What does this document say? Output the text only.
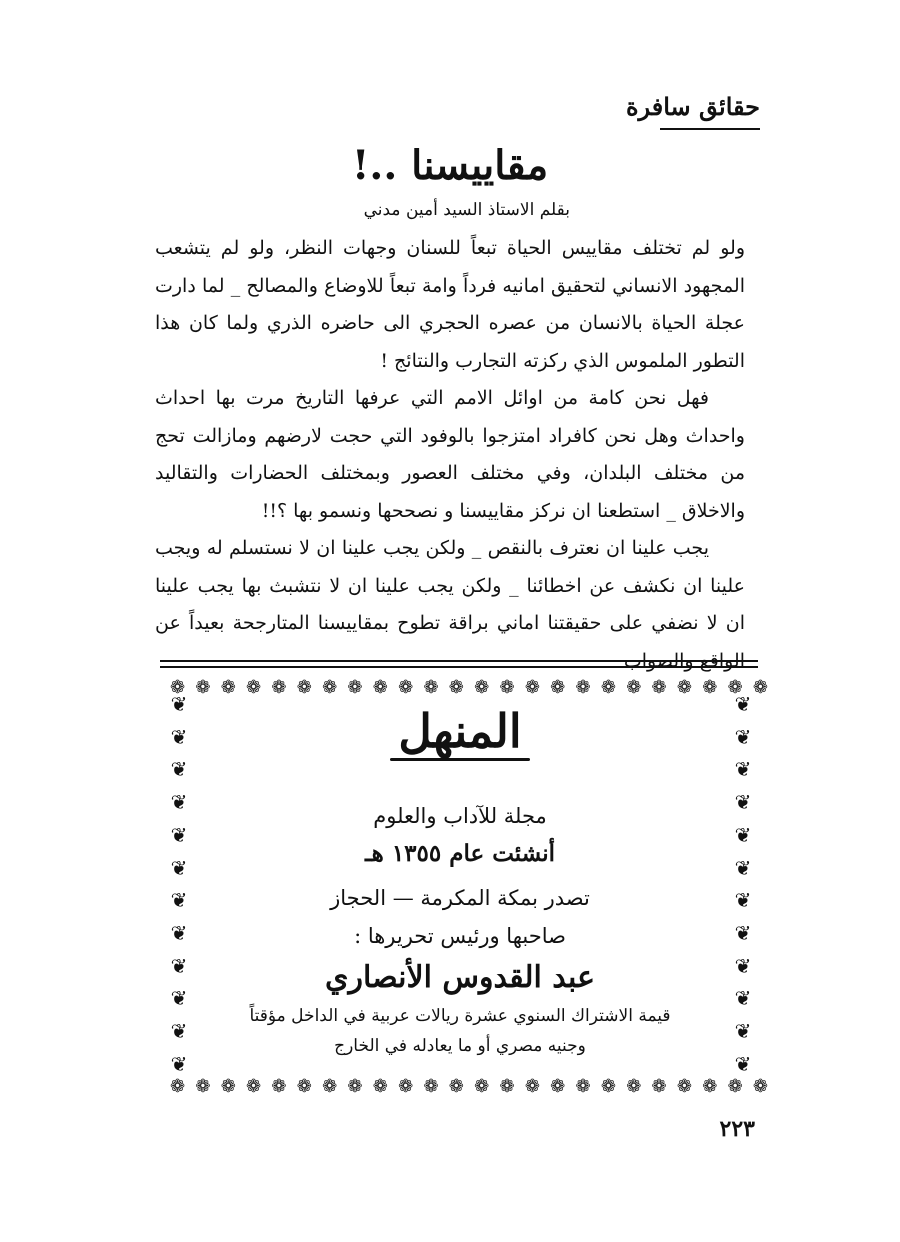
حقائق سافرة
مقاييسنا ..!
بقلم الاستاذ السيد أمين مدني

ولو لم تختلف مقاييس الحياة تبعاً للسنان وجهات النظر، ولو لم يتشعب المجهود الانساني لتحقيق امانيه فرداً وامة تبعاً للاوضاع والمصالح _ لما دارت عجلة الحياة بالانسان من عصره الحجري الى حاضره الذري ولما كان هذا التطور الملموس الذي ركزته التجارب والنتائج !

فهل نحن كامة من اوائل الامم التي عرفها التاريخ مرت بها احداث واحداث وهل نحن كافراد امتزجوا بالوفود التي حجت لارضهم ومازالت تحج من مختلف البلدان، وفي مختلف العصور وبمختلف الحضارات والتقاليد والاخلاق _ استطعنا ان نركز مقاييسنا و نصححها ونسمو بها ؟!!

يجب علينا ان نعترف بالنقص _ ولكن يجب علينا ان لا نستسلم له ويجب علينا ان نكشف عن اخطائنا _ ولكن يجب علينا ان لا نتشبث بها يجب علينا ان لا نضفي على حقيقتنا اماني براقة تطوح بمقاييسنا المتارجحة بعيداً عن الواقع والصواب

❁ ❁ ❁ ❁ ❁ ❁ ❁ ❁ ❁ ❁ ❁ ❁ ❁ ❁ ❁ ❁ ❁ ❁ ❁ ❁ ❁ ❁ ❁ ❁
❦
❦
❦
❦
❦
❦
❦
❦
❦
❦
❦
❦
❦
❦
❦
❦
❦
❦
❦
❦
❦
❦
❦
❦
❁ ❁ ❁ ❁ ❁ ❁ ❁ ❁ ❁ ❁ ❁ ❁ ❁ ❁ ❁ ❁ ❁ ❁ ❁ ❁ ❁ ❁ ❁ ❁
المنهل
مجلة للآداب والعلوم
أنشئت عام ١٣٥٥ هـ
تصدر بمكة المكرمة — الحجاز
صاحبها ورئيس تحريرها :
عبد القدوس الأنصاري
قيمة الاشتراك السنوي عشرة ريالات عربية في الداخل مؤقتاً
وجنيه مصري أو ما يعادله في الخارج
٢٢٣
